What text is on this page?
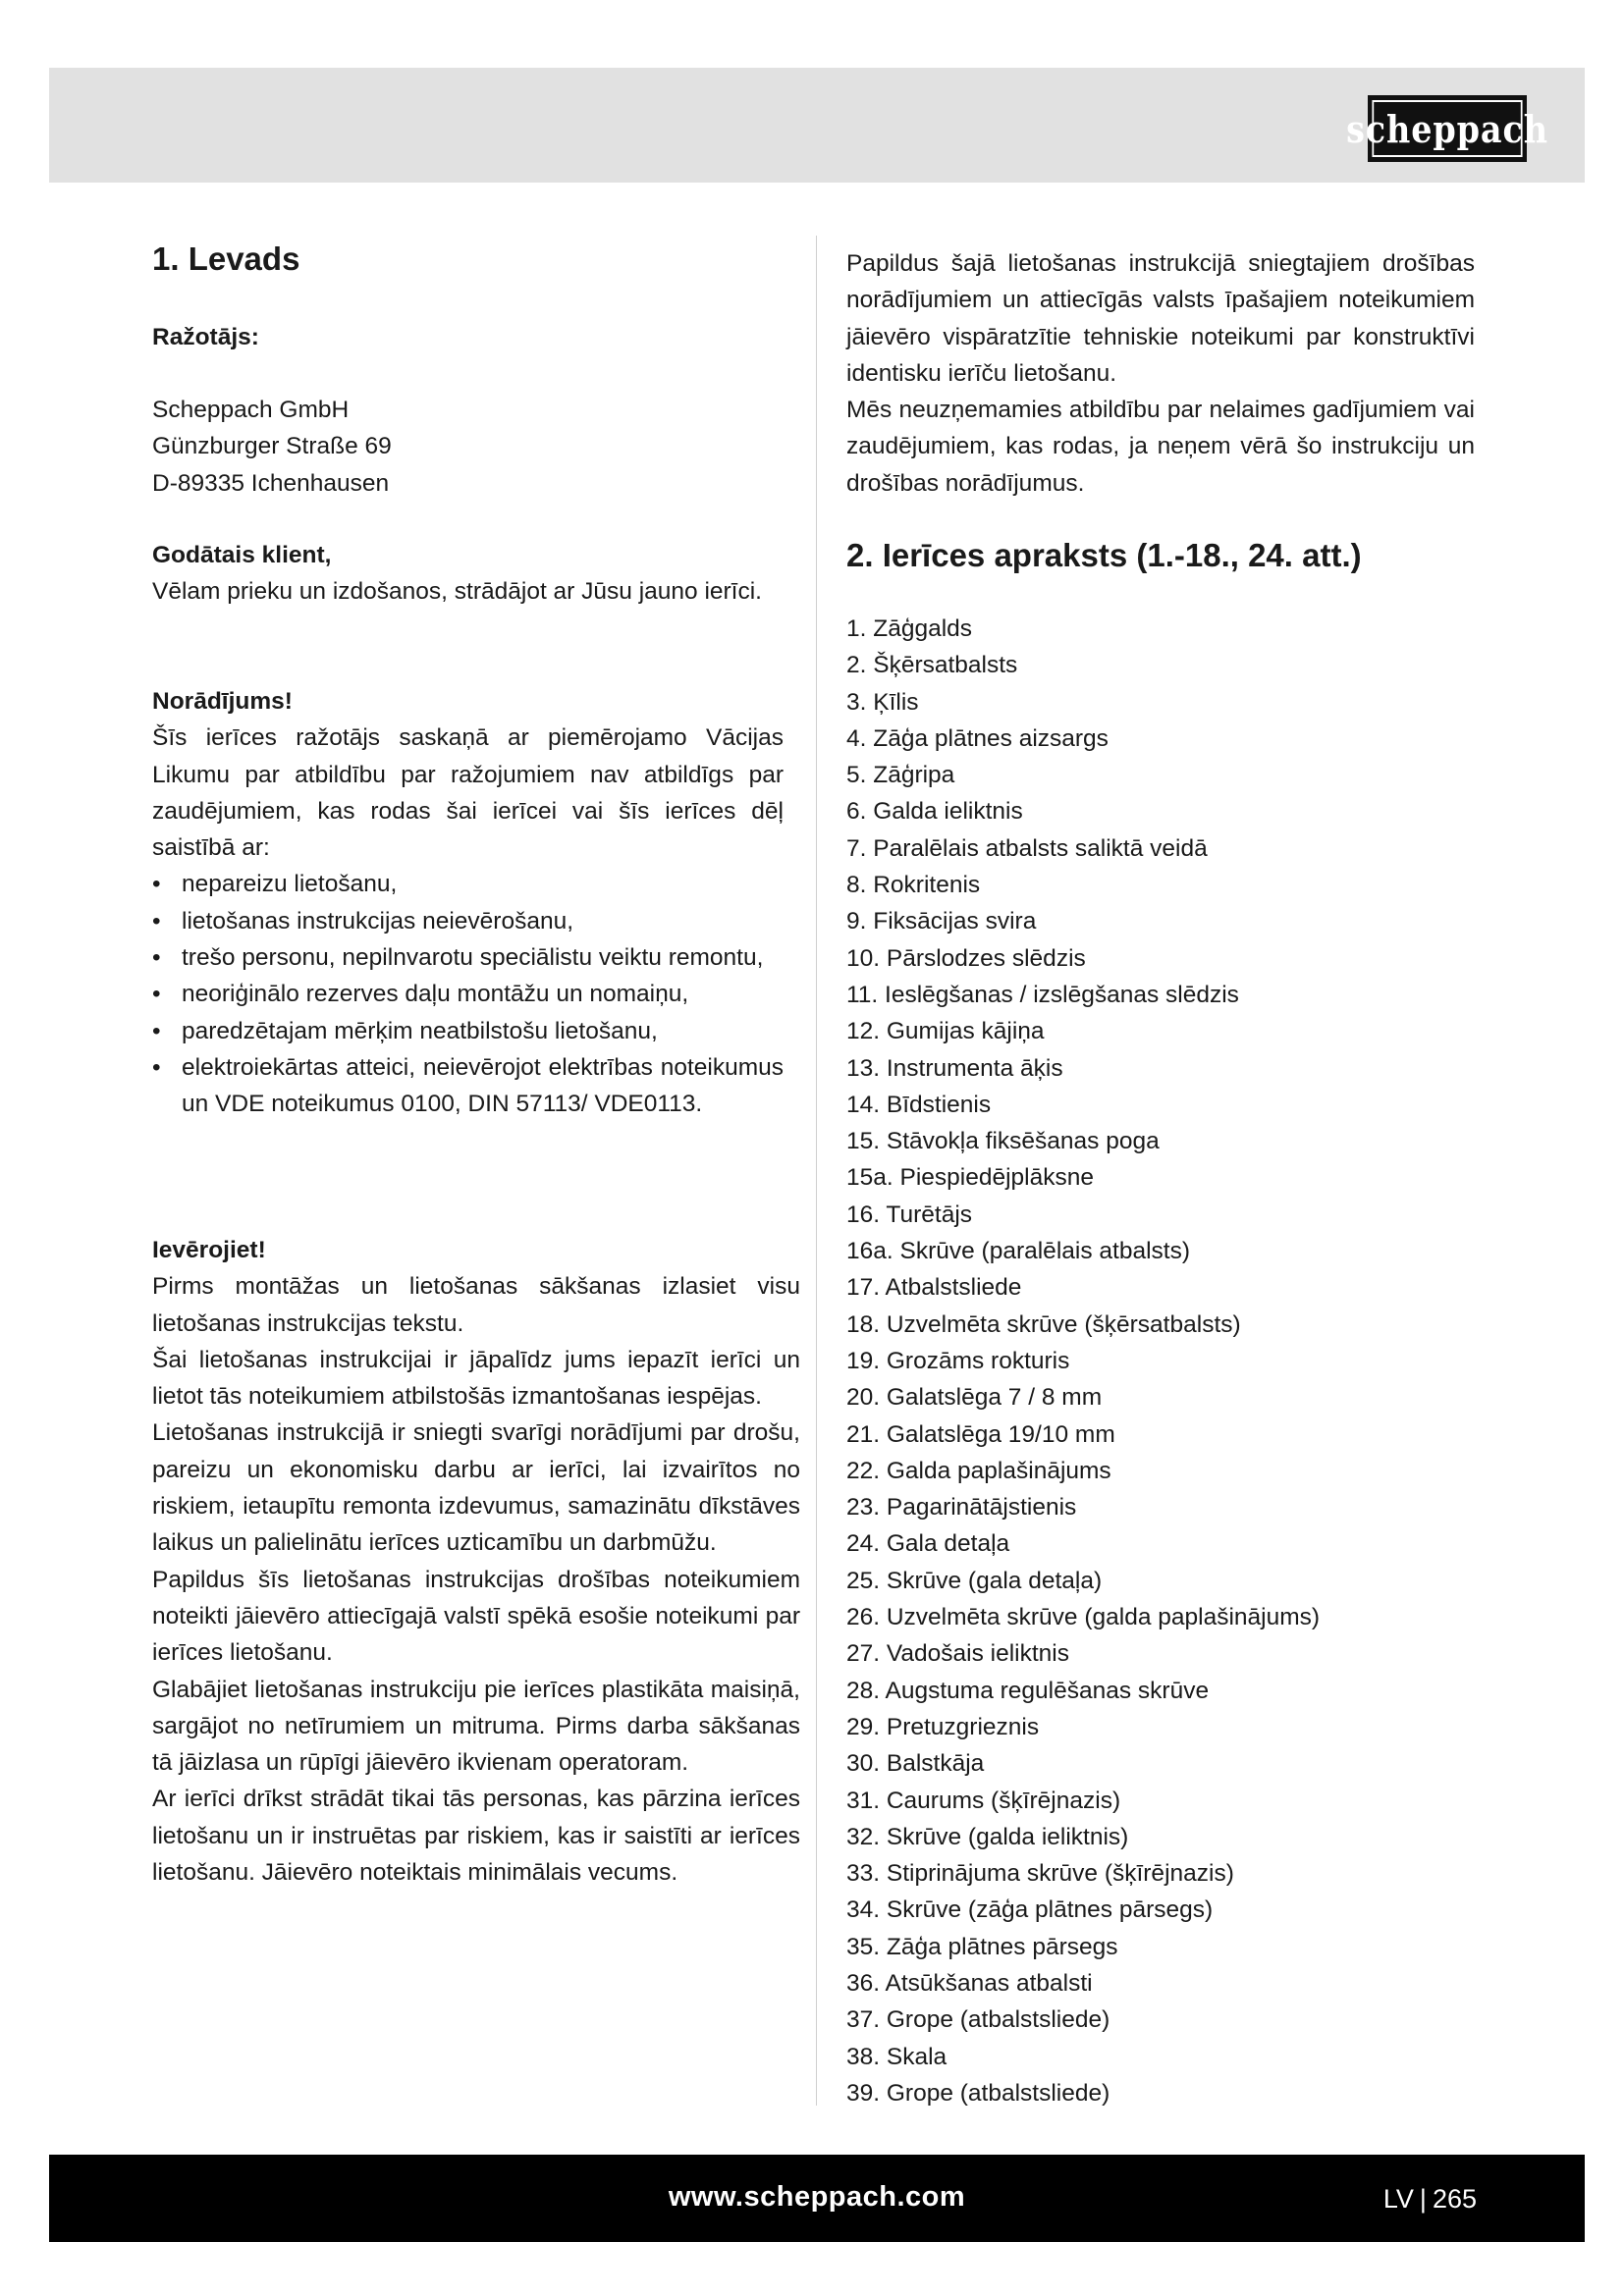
scheppach
1. Levads
Ražotājs:

Scheppach GmbH

Günzburger Straße 69

D-89335 Ichenhausen

Godātais klient,

Vēlam prieku un izdošanos, strādājot ar Jūsu jauno ierīci.

Norādījums!

Šīs ierīces ražotājs saskaņā ar piemērojamo Vācijas Likumu par atbildību par ražojumiem nav atbildīgs par zaudējumiem, kas rodas šai ierīcei vai šīs ierīces dēļ saistībā ar:

• nepareizu lietošanu,
• lietošanas instrukcijas neievērošanu,
• trešo personu, nepilnvarotu speciālistu veiktu remontu,
• neoriģinālo rezerves daļu montāžu un nomaiņu,
• paredzētajam mērķim neatbilstošu lietošanu,
• elektroiekārtas atteici, neievērojot elektrības noteikumus un VDE noteikumus 0100, DIN 57113/ VDE0113.

Ievērojiet!

Pirms montāžas un lietošanas sākšanas izlasiet visu lietošanas instrukcijas tekstu.

Šai lietošanas instrukcijai ir jāpalīdz jums iepazīt ierīci un lietot tās noteikumiem atbilstošās izmantošanas iespējas.

Lietošanas instrukcijā ir sniegti svarīgi norādījumi par drošu, pareizu un ekonomisku darbu ar ierīci, lai izvairītos no riskiem, ietaupītu remonta izdevumus, samazinātu dīkstāves laikus un palielinātu ierīces uzticamību un darbmūžu.

Papildus šīs lietošanas instrukcijas drošības noteikumiem noteikti jāievēro attiecīgajā valstī spēkā esošie noteikumi par ierīces lietošanu.

Glabājiet lietošanas instrukciju pie ierīces plastikāta maisiņā, sargājot no netīrumiem un mitruma. Pirms darba sākšanas tā jāizlasa un rūpīgi jāievēro ikvienam operatoram.

Ar ierīci drīkst strādāt tikai tās personas, kas pārzina ierīces lietošanu un ir instruētas par riskiem, kas ir saistīti ar ierīces lietošanu. Jāievēro noteiktais minimālais vecums.

Papildus šajā lietošanas instrukcijā sniegtajiem drošības norādījumiem un attiecīgās valsts īpašajiem noteikumiem jāievēro vispāratzītie tehniskie noteikumi par konstruktīvi identisku ierīču lietošanu.

Mēs neuzņemamies atbildību par nelaimes gadījumiem vai zaudējumiem, kas rodas, ja neņem vērā šo instrukciju un drošības norādījumus.

2. Ierīces apraksts (1.-18., 24. att.)
1. Zāģgalds
2. Šķērsatbalsts
3. Ķīlis
4. Zāģa plātnes aizsargs
5. Zāģripa
6. Galda ieliktnis
7. Paralēlais atbalsts saliktā veidā
8. Rokritenis
9. Fiksācijas svira
10. Pārslodzes slēdzis
11. Ieslēgšanas / izslēgšanas slēdzis
12. Gumijas kājiņa
13. Instrumenta āķis
14. Bīdstienis
15. Stāvokļa fiksēšanas poga
15a. Piespiedējplāksne
16. Turētājs
16a. Skrūve (paralēlais atbalsts)
17. Atbalstsliede
18. Uzvelmēta skrūve (šķērsatbalsts)
19. Grozāms rokturis
20. Galatslēga 7 / 8 mm
21. Galatslēga 19/10 mm
22. Galda paplašinājums
23. Pagarinātājstienis
24. Gala detaļa
25. Skrūve (gala detaļa)
26. Uzvelmēta skrūve (galda paplašinājums)
27. Vadošais ieliktnis
28. Augstuma regulēšanas skrūve
29. Pretuzgrieznis
30. Balstkāja
31. Caurums (šķīrējnazis)
32. Skrūve (galda ieliktnis)
33. Stiprinājuma skrūve (šķīrējnazis)
34. Skrūve (zāģa plātnes pārsegs)
35. Zāģa plātnes pārsegs
36. Atsūkšanas atbalsti
37. Grope (atbalstsliede)
38. Skala
39. Grope (atbalstsliede)
www.scheppach.com	LV | 265
